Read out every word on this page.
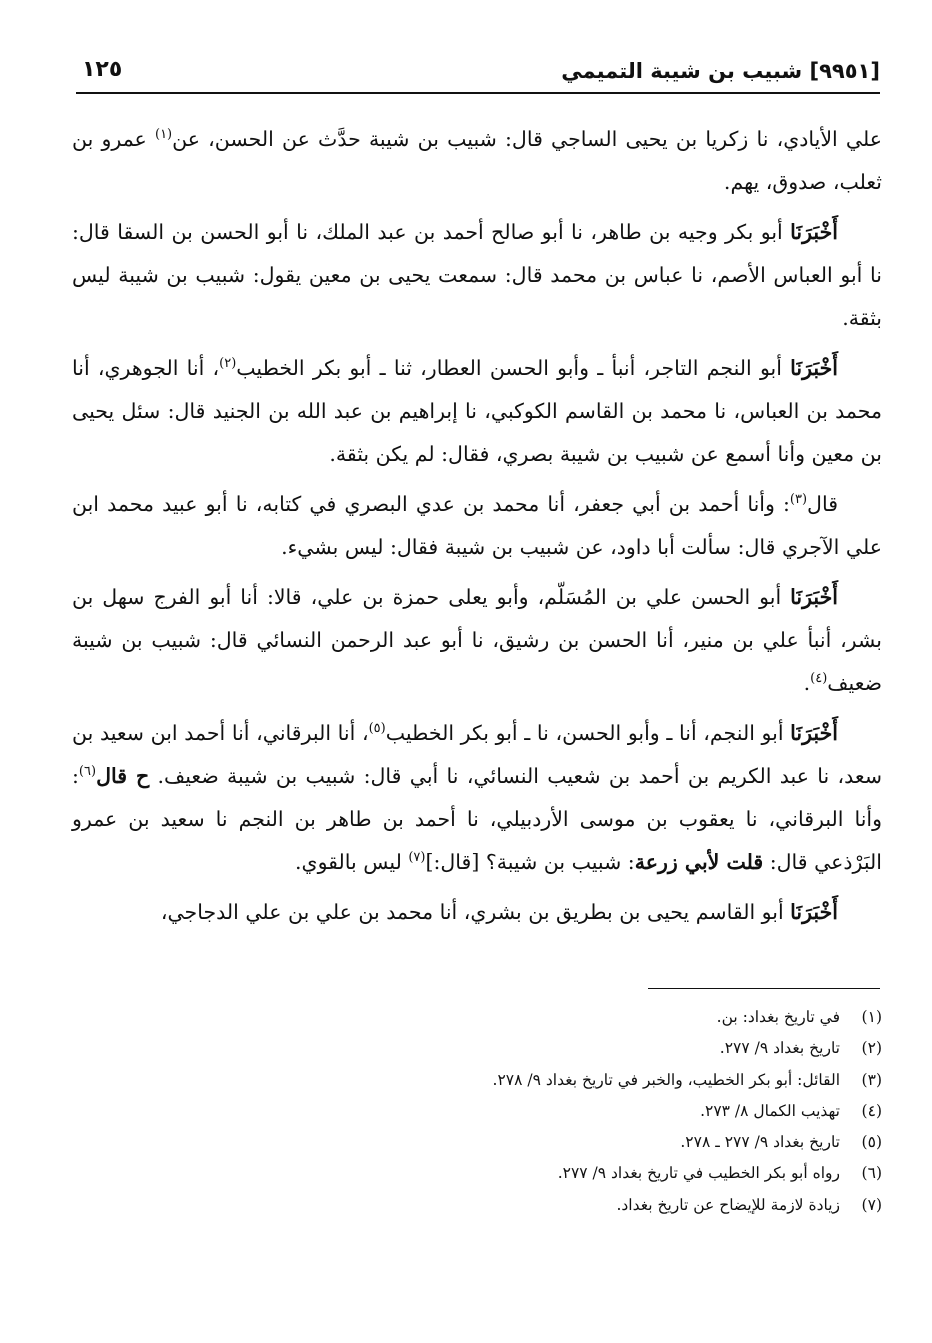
[٩٩٥١] شبيب بن شيبة التميمي
١٢٥

علي الأيادي، نا زكريا بن يحيى الساجي قال: شبيب بن شيبة حدَّث عن الحسن، عن$^{(١)}$ عمرو بن ثعلب، صدوق، يهم.

أَخْبَرَنَا أبو بكر وجيه بن طاهر، نا أبو صالح أحمد بن عبد الملك، نا أبو الحسن بن السقا قال: نا أبو العباس الأصم، نا عباس بن محمد قال: سمعت يحيى بن معين يقول: شبيب بن شيبة ليس بثقة.

أَخْبَرَنَا أبو النجم التاجر، أنبأ ـ وأبو الحسن العطار، ثنا ـ أبو بكر الخطيب$^{(٢)}$، أنا الجوهري، أنا محمد بن العباس، نا محمد بن القاسم الكوكبي، نا إبراهيم بن عبد الله بن الجنيد قال: سئل يحيى بن معين وأنا أسمع عن شبيب بن شيبة بصري، فقال: لم يكن بثقة.

قال$^{(٣)}$: وأنا أحمد بن أبي جعفر، أنا محمد بن عدي البصري في كتابه، نا أبو عبيد محمد ابن علي الآجري قال: سألت أبا داود، عن شبيب بن شيبة فقال: ليس بشيء.

أَخْبَرَنَا أبو الحسن علي بن المُسَلّم، وأبو يعلى حمزة بن علي، قالا: أنا أبو الفرج سهل بن بشر، أنبأ علي بن منير، أنا الحسن بن رشيق، نا أبو عبد الرحمن النسائي قال: شبيب بن شيبة ضعيف$^{(٤)}$.

أَخْبَرَنَا أبو النجم، أنا ـ وأبو الحسن، نا ـ أبو بكر الخطيب$^{(٥)}$، أنا البرقاني، أنا أحمد ابن سعيد بن سعد، نا عبد الكريم بن أحمد بن شعيب النسائي، نا أبي قال: شبيب بن شيبة ضعيف. ح قال$^{(٦)}$: وأنا البرقاني، نا يعقوب بن موسى الأردبيلي، نا أحمد بن طاهر بن النجم نا سعيد بن عمرو البَرْذعي قال: قلت لأبي زرعة: شبيب بن شيبة؟ [قال:]$^{(٧)}$ ليس بالقوي.

أَخْبَرَنَا أبو القاسم يحيى بن بطريق بن بشري، أنا محمد بن علي بن علي الدجاجي،

(١)في تاريخ بغداد: بن.
(٢)تاريخ بغداد ٩/ ٢٧٧.
(٣)القائل: أبو بكر الخطيب، والخبر في تاريخ بغداد ٩/ ٢٧٨.
(٤)تهذيب الكمال ٨/ ٢٧٣.
(٥)تاريخ بغداد ٩/ ٢٧٧ ـ ٢٧٨.
(٦)رواه أبو بكر الخطيب في تاريخ بغداد ٩/ ٢٧٧.
(٧)زيادة لازمة للإيضاح عن تاريخ بغداد.
